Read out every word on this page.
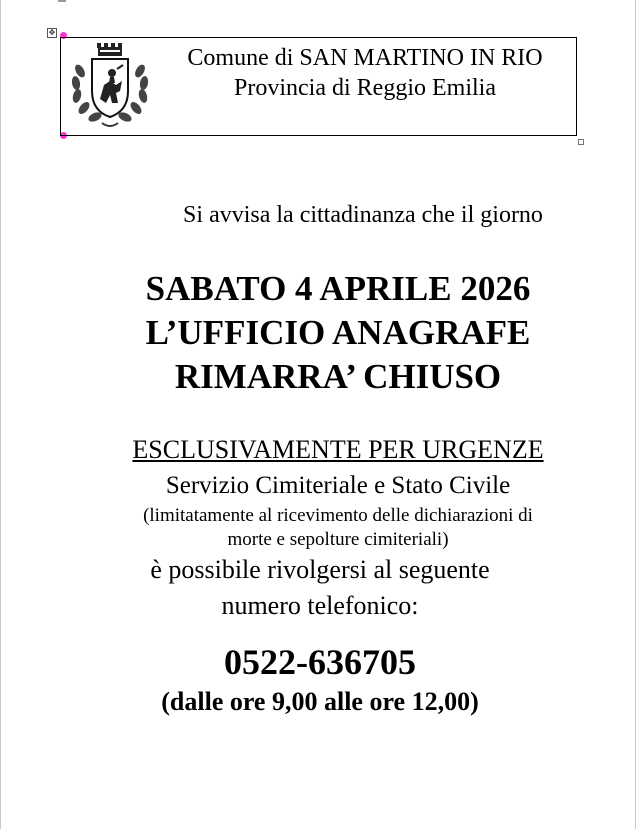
✥
Comune di SAN MARTINO IN RIO
Provincia di Reggio Emilia
Si avvisa la cittadinanza che il giorno
SABATO 4 APRILE 2026
L’UFFICIO ANAGRAFE
RIMARRA’ CHIUSO
ESCLUSIVAMENTE PER URGENZE
Servizio Cimiteriale e Stato Civile
(limitatamente al ricevimento delle dichiarazioni di
morte e sepolture cimiteriali)
è possibile rivolgersi al seguente
numero telefonico:
0522-636705
(dalle ore 9,00 alle ore 12,00)
